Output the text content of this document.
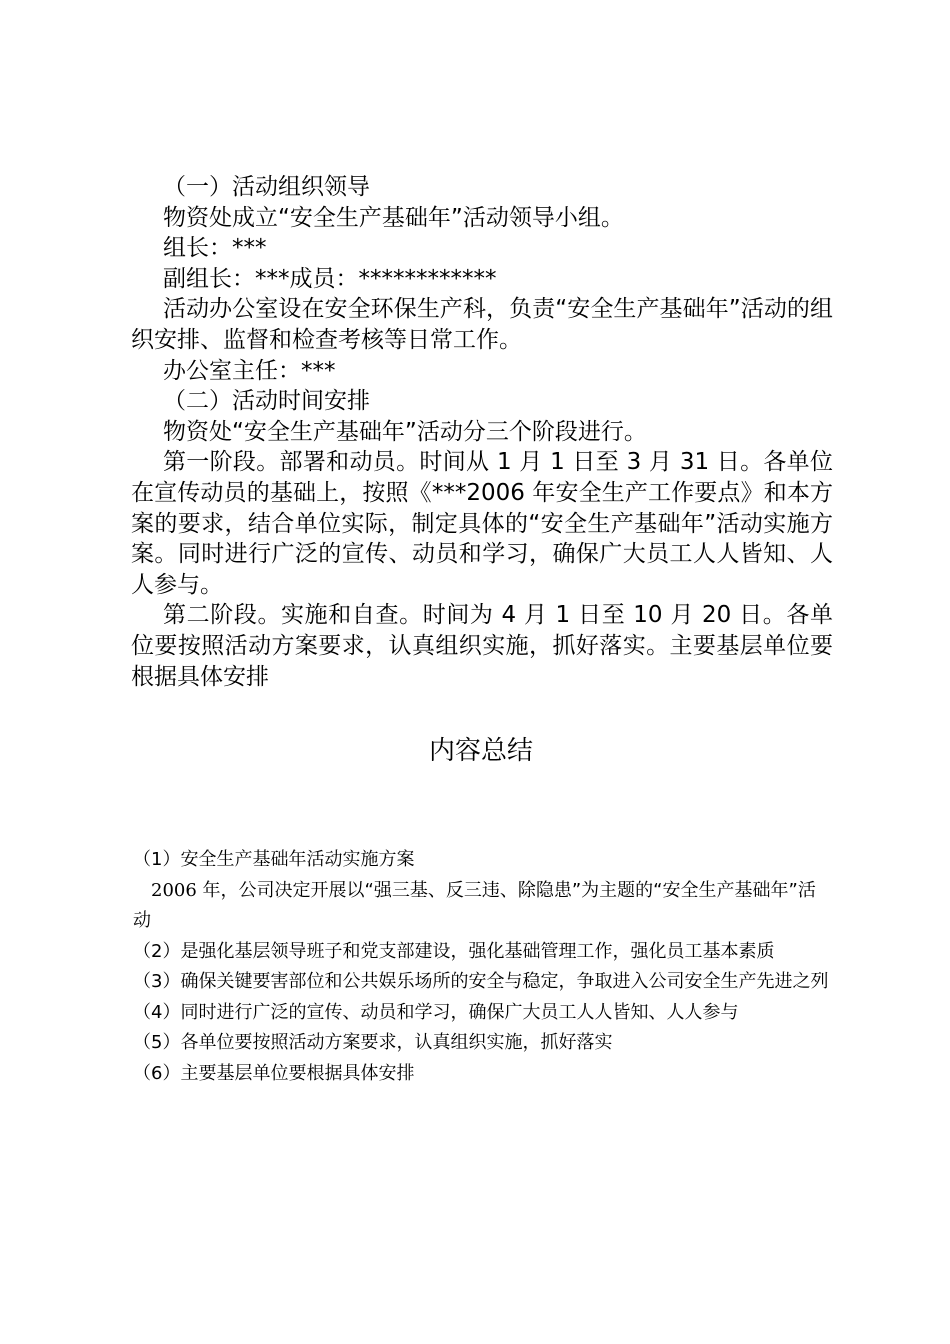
（一）活动组织领导

物资处成立“安全生产基础年”活动领导小组。

组长：***

副组长：***成员：************

活动办公室设在安全环保生产科，负责“安全生产基础年”活动的组织安排、监督和检查考核等日常工作。

办公室主任：***

（二）活动时间安排

物资处“安全生产基础年”活动分三个阶段进行。

第一阶段。部署和动员。时间从 1 月 1 日至 3 月 31 日。各单位在宣传动员的基础上，按照《***2006 年安全生产工作要点》和本方案的要求，结合单位实际，制定具体的“安全生产基础年”活动实施方案。同时进行广泛的宣传、动员和学习，确保广大员工人人皆知、人人参与。

第二阶段。实施和自查。时间为 4 月 1 日至 10 月 20 日。各单位要按照活动方案要求，认真组织实施，抓好落实。主要基层单位要根据具体安排

内容总结

（1）安全生产基础年活动实施方案

2006 年，公司决定开展以“强三基、反三违、除隐患”为主题的“安全生产基础年”活动

（2）是强化基层领导班子和党支部建设，强化基础管理工作，强化员工基本素质

（3）确保关键要害部位和公共娱乐场所的安全与稳定，争取进入公司安全生产先进之列

（4）同时进行广泛的宣传、动员和学习，确保广大员工人人皆知、人人参与

（5）各单位要按照活动方案要求，认真组织实施，抓好落实

（6）主要基层单位要根据具体安排
